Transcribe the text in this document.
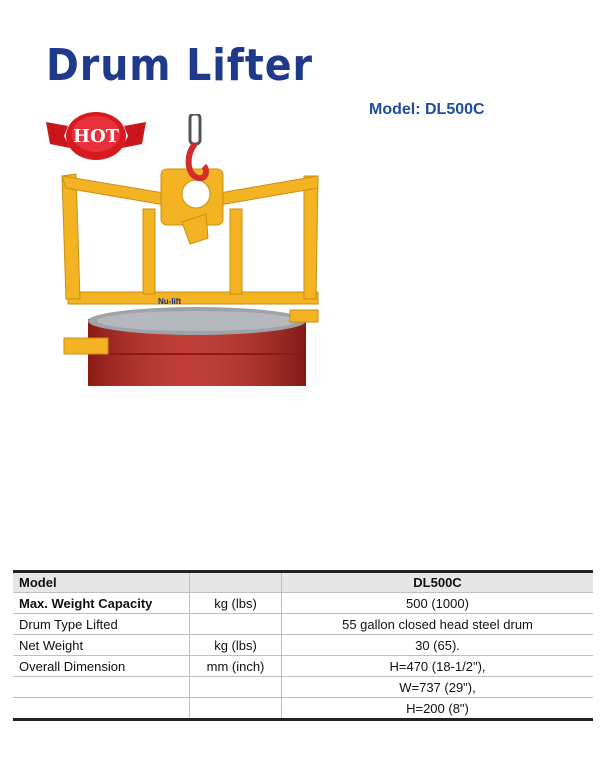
Drum Lifter
Model: DL500C
Nu-lift
HOT
Model		DL500C
Max. Weight Capacity	kg (lbs)	500 (1000)
Drum Type Lifted		55 gallon closed head steel drum
Net Weight	kg (lbs)	30 (65).
Overall Dimension	mm (inch)	H=470 (18-1/2"),
		W=737 (29"),
		H=200 (8")
